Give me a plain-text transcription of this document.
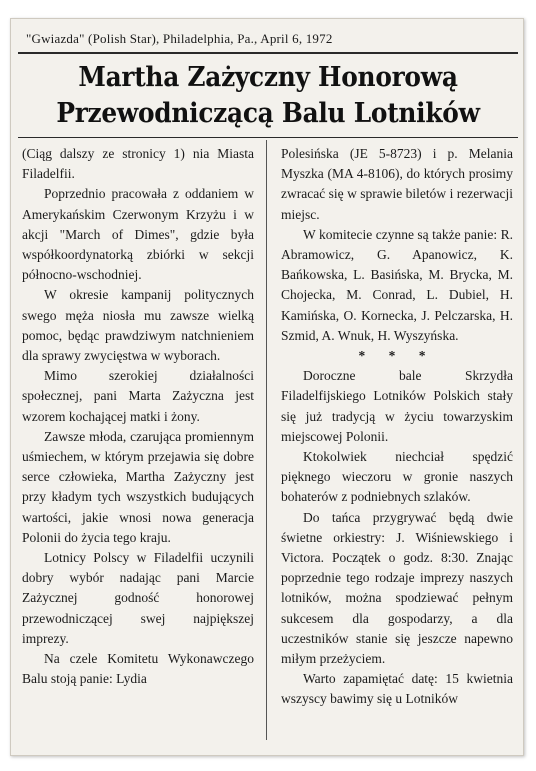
"Gwiazda" (Polish Star), Philadelphia, Pa., April 6, 1972
Martha Zażyczny Honorową
Przewodniczącą Balu Lotników

(Ciąg dalszy ze stronicy 1) nia Miasta Filadelfii.

Poprzednio pracowała z oddaniem w Amerykańskim Czerwonym Krzyżu i w akcji "March of Dimes", gdzie była współkoordynatorką zbiórki w sekcji północno-wschodniej.

W okresie kampanij politycznych swego męża niosła mu zawsze wielką pomoc, będąc prawdziwym natchnieniem dla sprawy zwycięstwa w wyborach.

Mimo szerokiej działalności społecznej, pani Marta Zażyczna jest wzorem kochającej matki i żony.

Zawsze młoda, czarująca promiennym uśmiechem, w którym przejawia się dobre serce człowieka, Martha Zażyczny jest przy kładym tych wszystkich budujących wartości, jakie wnosi nowa generacja Polonii do życia tego kraju.

Lotnicy Polscy w Filadelfii uczynili dobry wybór nadając pani Marcie Zażycznej godność honorowej przewodniczącej swej najpiększej imprezy.

Na czele Komitetu Wykonawczego Balu stoją panie: Lydia

Polesińska (JE 5-8723) i p. Melania Myszka (MA 4-8106), do których prosimy zwracać się w sprawie biletów i rezerwacji miejsc.

W komitecie czynne są także panie: R. Abramowicz, G. Apanowicz, K. Bańkowska, L. Basińska, M. Brycka, M. Chojecka, M. Conrad, L. Dubiel, H. Kamińska, O. Kornecka, J. Pelczarska, H. Szmid, A. Wnuk, H. Wyszyńska.

* * *

Doroczne bale Skrzydła Filadelfijskiego Lotników Polskich stały się już tradycją w życiu towarzyskim miejscowej Polonii.

Ktokolwiek niechciał spędzić pięknego wieczoru w gronie naszych bohaterów z podniebnych szlaków.

Do tańca przygrywać będą dwie świetne orkiestry: J. Wiśniewskiego i Victora. Początek o godz. 8:30. Znając poprzednie tego rodzaje imprezy naszych lotników, można spodziewać pełnym sukcesem dla gospodarzy, a dla uczestników stanie się jeszcze napewno miłym przeżyciem.

Warto zapamiętać datę: 15 kwietnia wszyscy bawimy się u Lotników
